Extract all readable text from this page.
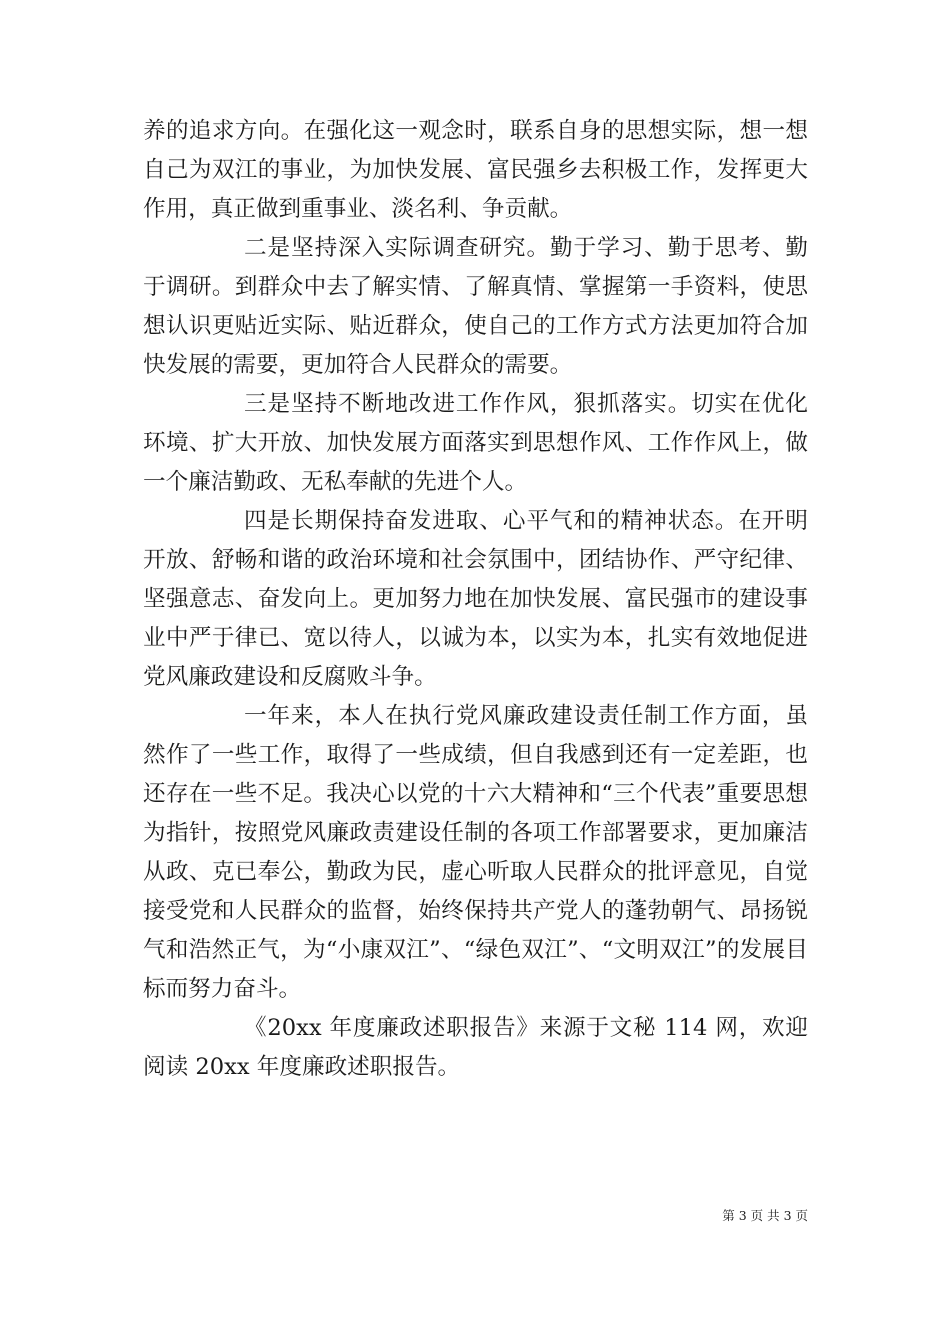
养的追求方向。在强化这一观念时，联系自身的思想实际，想一想自己为双江的事业，为加快发展、富民强乡去积极工作，发挥更大作用，真正做到重事业、淡名利、争贡献。

二是坚持深入实际调查研究。勤于学习、勤于思考、勤于调研。到群众中去了解实情、了解真情、掌握第一手资料，使思想认识更贴近实际、贴近群众，使自己的工作方式方法更加符合加快发展的需要，更加符合人民群众的需要。

三是坚持不断地改进工作作风，狠抓落实。切实在优化环境、扩大开放、加快发展方面落实到思想作风、工作作风上，做一个廉洁勤政、无私奉献的先进个人。

四是长期保持奋发进取、心平气和的精神状态。在开明开放、舒畅和谐的政治环境和社会氛围中，团结协作、严守纪律、坚强意志、奋发向上。更加努力地在加快发展、富民强市的建设事业中严于律已、宽以待人，以诚为本，以实为本，扎实有效地促进党风廉政建设和反腐败斗争。

一年来，本人在执行党风廉政建设责任制工作方面，虽然作了一些工作，取得了一些成绩，但自我感到还有一定差距，也还存在一些不足。我决心以党的十六大精神和“三个代表”重要思想为指针，按照党风廉政责建设任制的各项工作部署要求，更加廉洁从政、克已奉公，勤政为民，虚心听取人民群众的批评意见，自觉接受党和人民群众的监督，始终保持共产党人的蓬勃朝气、昂扬锐气和浩然正气，为“小康双江”、“绿色双江”、“文明双江”的发展目标而努力奋斗。

《20xx 年度廉政述职报告》来源于文秘 114 网，欢迎阅读 20xx 年度廉政述职报告。

第 3 页 共 3 页
